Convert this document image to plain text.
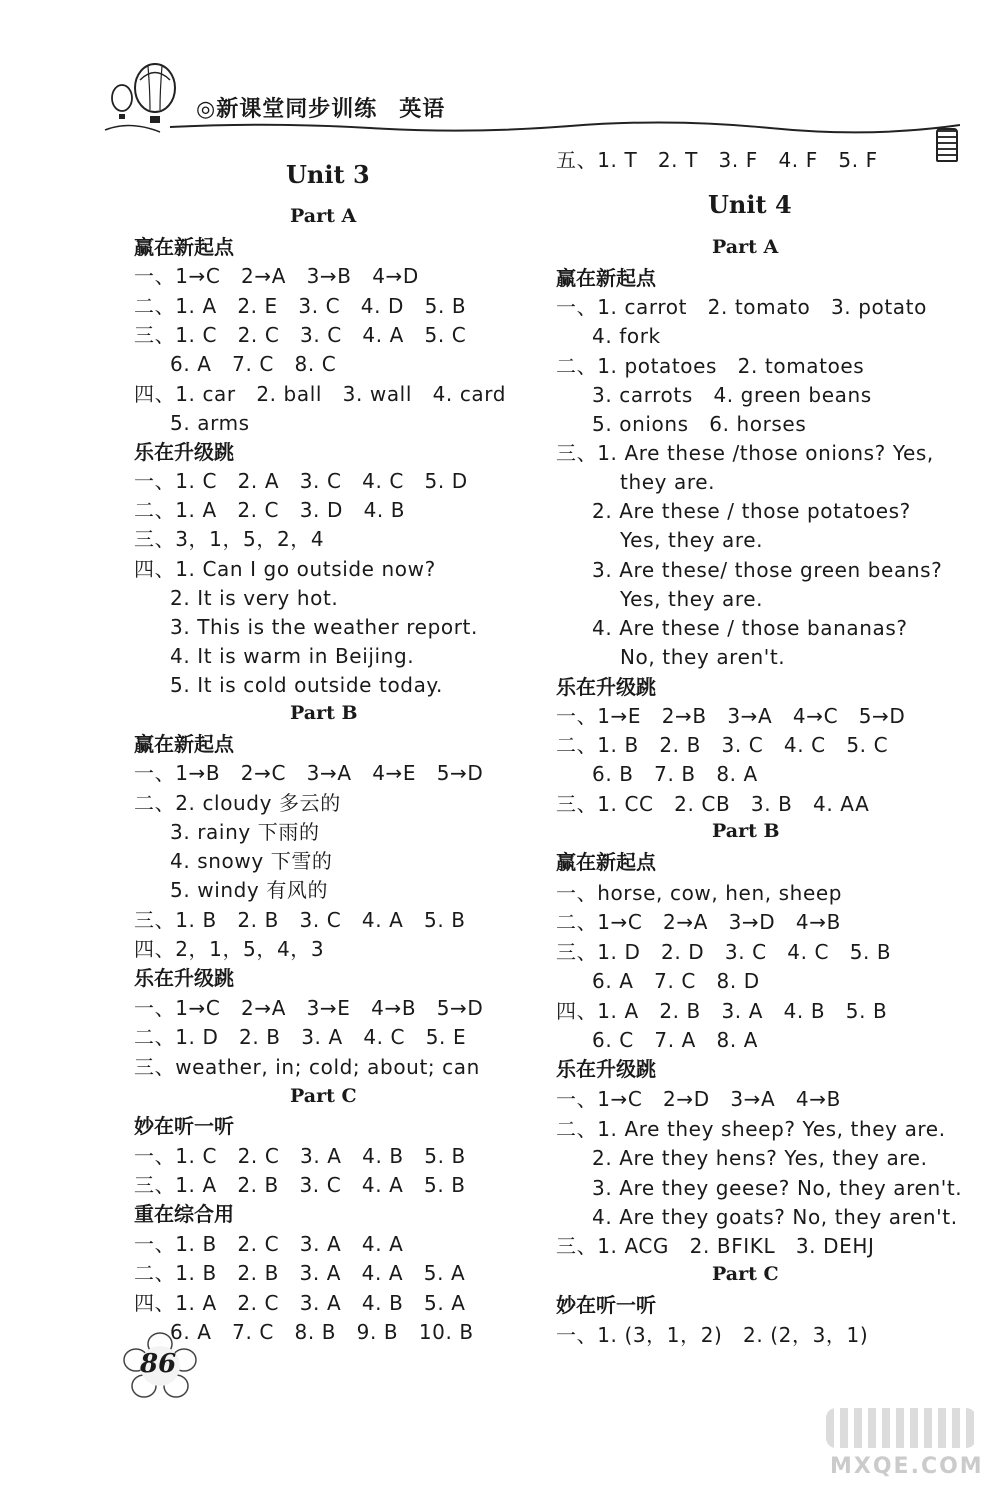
◎新课堂同步训练 英语
Unit 3
Part A
赢在新起点
一、1→C　2→A　3→B　4→D
二、1. A　2. E　3. C　4. D　5. B
三、1. C　2. C　3. C　4. A　5. C
6. A　7. C　8. C
四、1. car　2. ball　3. wall　4. card
5. arms
乐在升级跳
一、1. C　2. A　3. C　4. C　5. D
二、1. A　2. C　3. D　4. B
三、3，1，5，2，4
四、1. Can I go outside now?
2. It is very hot.
3. This is the weather report.
4. It is warm in Beijing.
5. It is cold outside today.
Part B
赢在新起点
一、1→B　2→C　3→A　4→E　5→D
二、2. cloudy 多云的
3. rainy 下雨的
4. snowy 下雪的
5. windy 有风的
三、1. B　2. B　3. C　4. A　5. B
四、2，1，5，4，3
乐在升级跳
一、1→C　2→A　3→E　4→B　5→D
二、1. D　2. B　3. A　4. C　5. E
三、weather, in; cold; about; can
Part C
妙在听一听
一、1. C　2. C　3. A　4. B　5. B
三、1. A　2. B　3. C　4. A　5. B
重在综合用
一、1. B　2. C　3. A　4. A
二、1. B　2. B　3. A　4. A　5. A
四、1. A　2. C　3. A　4. B　5. A
6. A　7. C　8. B　9. B　10. B
五、1. T　2. T　3. F　4. F　5. F
Unit 4
Part A
赢在新起点
一、1. carrot　2. tomato　3. potato
4. fork
二、1. potatoes　2. tomatoes
3. carrots　4. green beans
5. onions　6. horses
三、1. Are these /those onions? Yes,
they are.
2. Are these / those potatoes?
Yes, they are.
3. Are these/ those green beans?
Yes, they are.
4. Are these / those bananas?
No, they aren't.
乐在升级跳
一、1→E　2→B　3→A　4→C　5→D
二、1. B　2. B　3. C　4. C　5. C
6. B　7. B　8. A
三、1. CC　2. CB　3. B　4. AA
Part B
赢在新起点
一、horse, cow, hen, sheep
二、1→C　2→A　3→D　4→B
三、1. D　2. D　3. C　4. C　5. B
6. A　7. C　8. D
四、1. A　2. B　3. A　4. B　5. B
6. C　7. A　8. A
乐在升级跳
一、1→C　2→D　3→A　4→B
二、1. Are they sheep? Yes, they are.
2. Are they hens? Yes, they are.
3. Are they geese? No, they aren't.
4. Are they goats? No, they aren't.
三、1. ACG　2. BFIKL　3. DEHJ
Part C
妙在听一听
一、1. (3，1，2)　2. (2，3，1)
86
MXQE.COM
